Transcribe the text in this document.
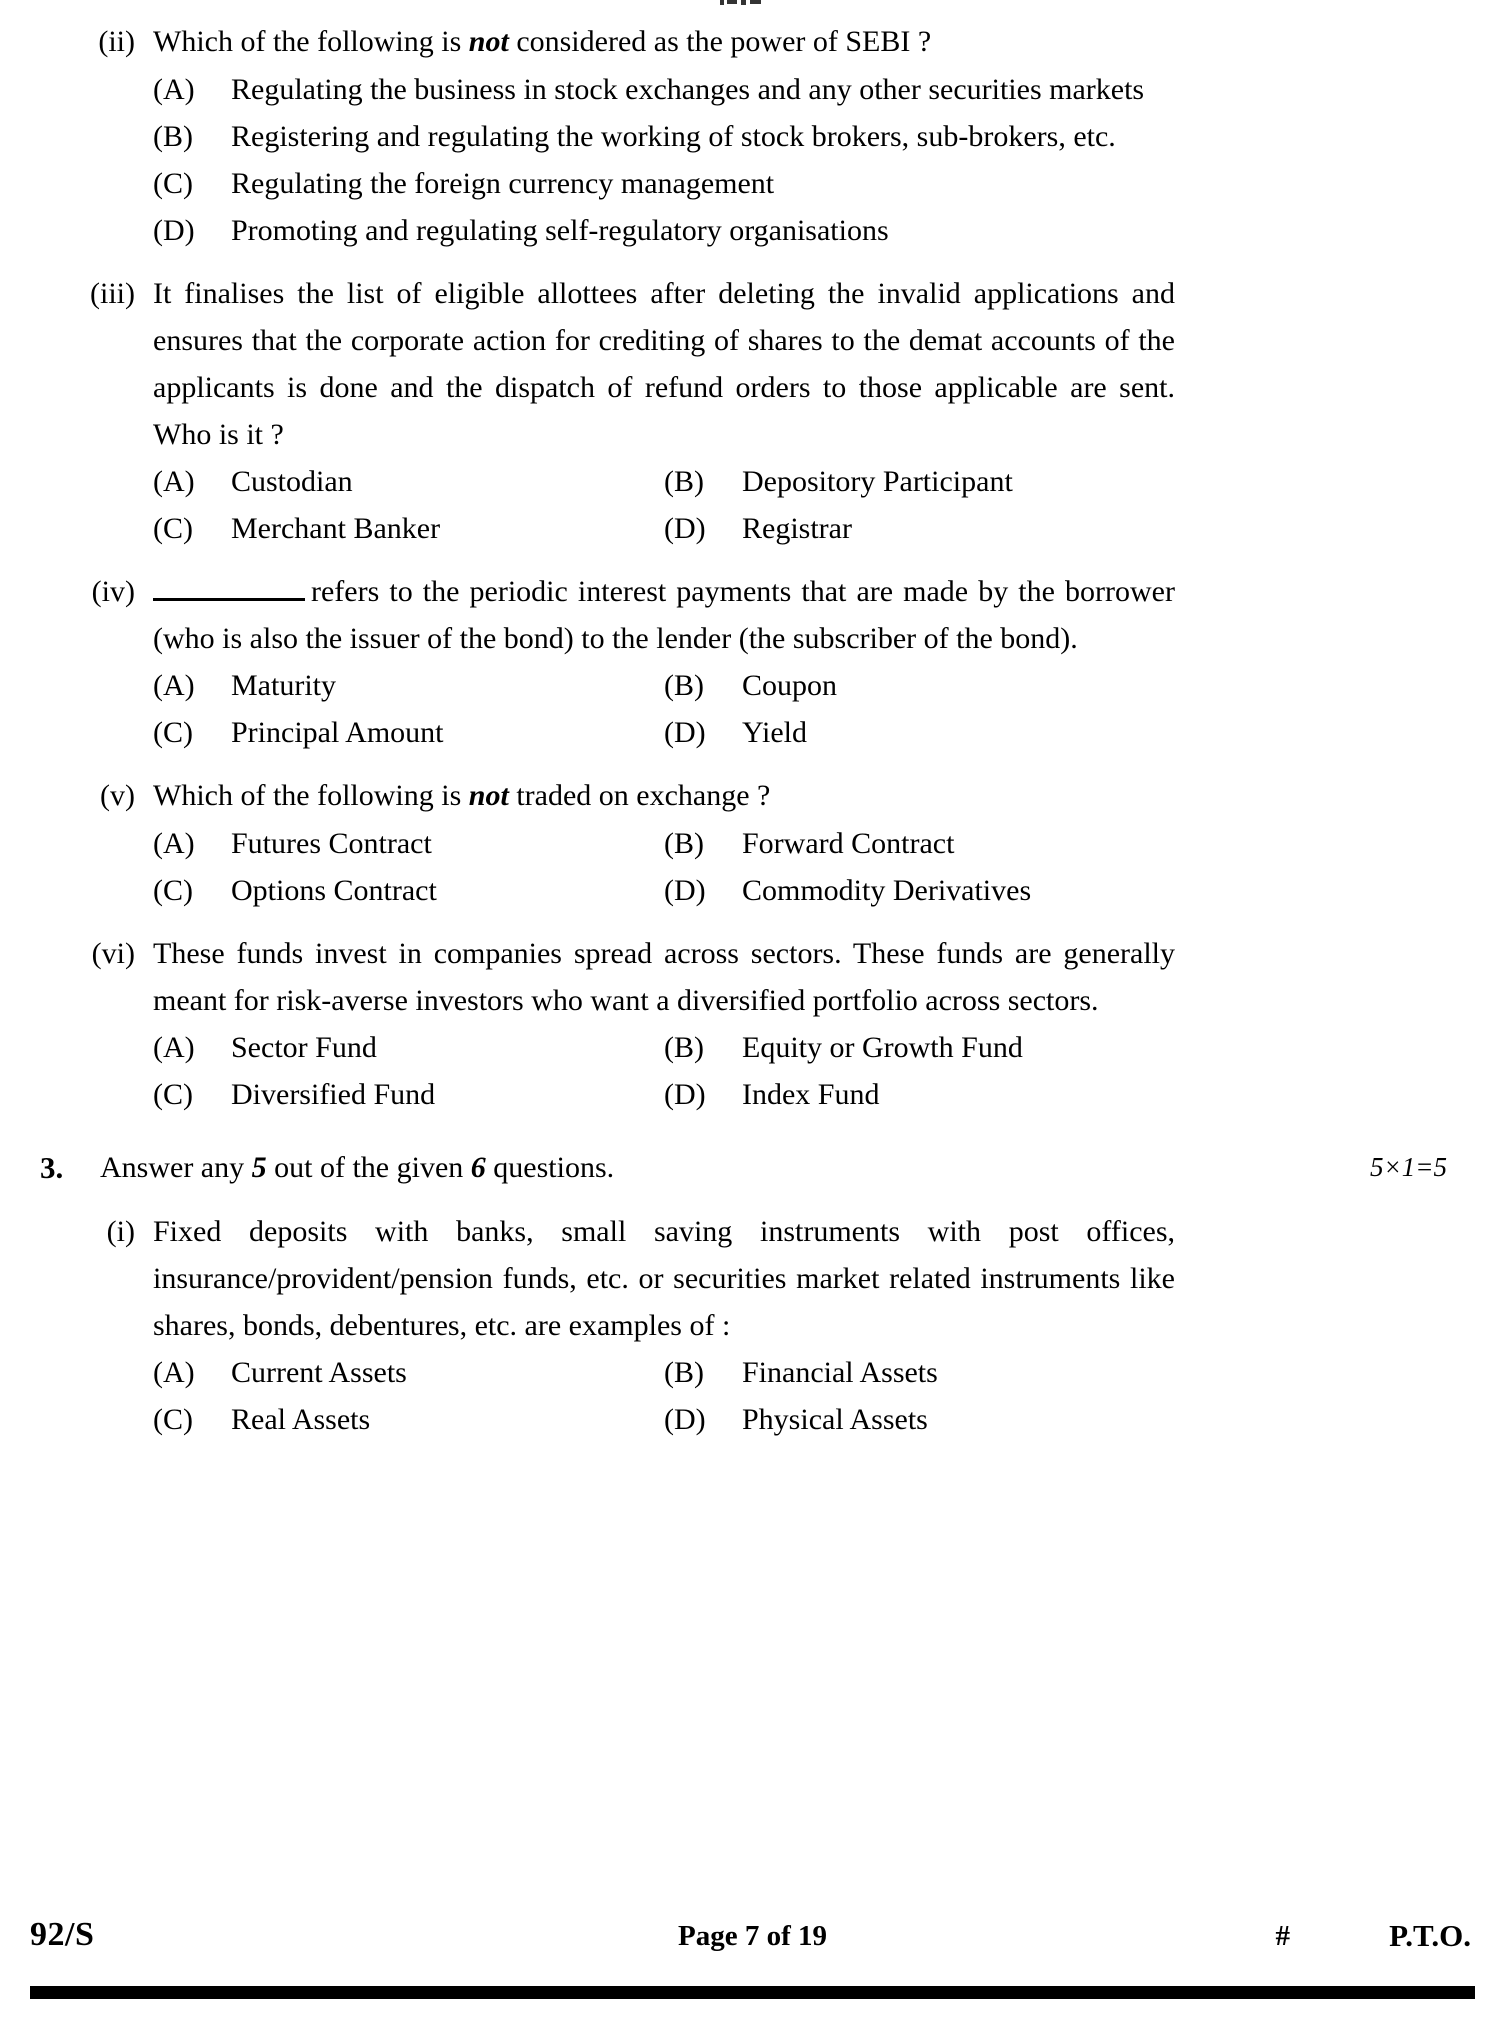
(ii) Which of the following is not considered as the power of SEBI ?
(A)	Regulating the business in stock exchanges and any other securities markets
(B)	Registering and regulating the working of stock brokers, sub-brokers, etc.
(C)	Regulating the foreign currency management
(D)	Promoting and regulating self-regulatory organisations
(iii) It finalises the list of eligible allottees after deleting the invalid applications and ensures that the corporate action for crediting of shares to the demat accounts of the applicants is done and the dispatch of refund orders to those applicable are sent. Who is it ?
(A)	Custodian	(B)	Depository Participant
(C)	Merchant Banker	(D)	Registrar
(iv)	refers to the periodic interest payments that are made by the borrower (who is also the issuer of the bond) to the lender (the subscriber of the bond).
(A)	Maturity	(B)	Coupon
(C)	Principal Amount	(D)	Yield
(v) Which of the following is not traded on exchange ?
(A)	Futures Contract	(B)	Forward Contract
(C)	Options Contract	(D)	Commodity Derivatives
(vi) These funds invest in companies spread across sectors. These funds are generally meant for risk-averse investors who want a diversified portfolio across sectors.
(A)	Sector Fund	(B)	Equity or Growth Fund
(C)	Diversified Fund	(D)	Index Fund
3.	Answer any 5 out of the given 6 questions.	5×1=5
(i) Fixed deposits with banks, small saving instruments with post offices, insurance/provident/pension funds, etc. or securities market related instruments like shares, bonds, debentures, etc. are examples of :
(A)	Current Assets	(B)	Financial Assets
(C)	Real Assets	(D)	Physical Assets
92/S	Page 7 of 19	#	P.T.O.
